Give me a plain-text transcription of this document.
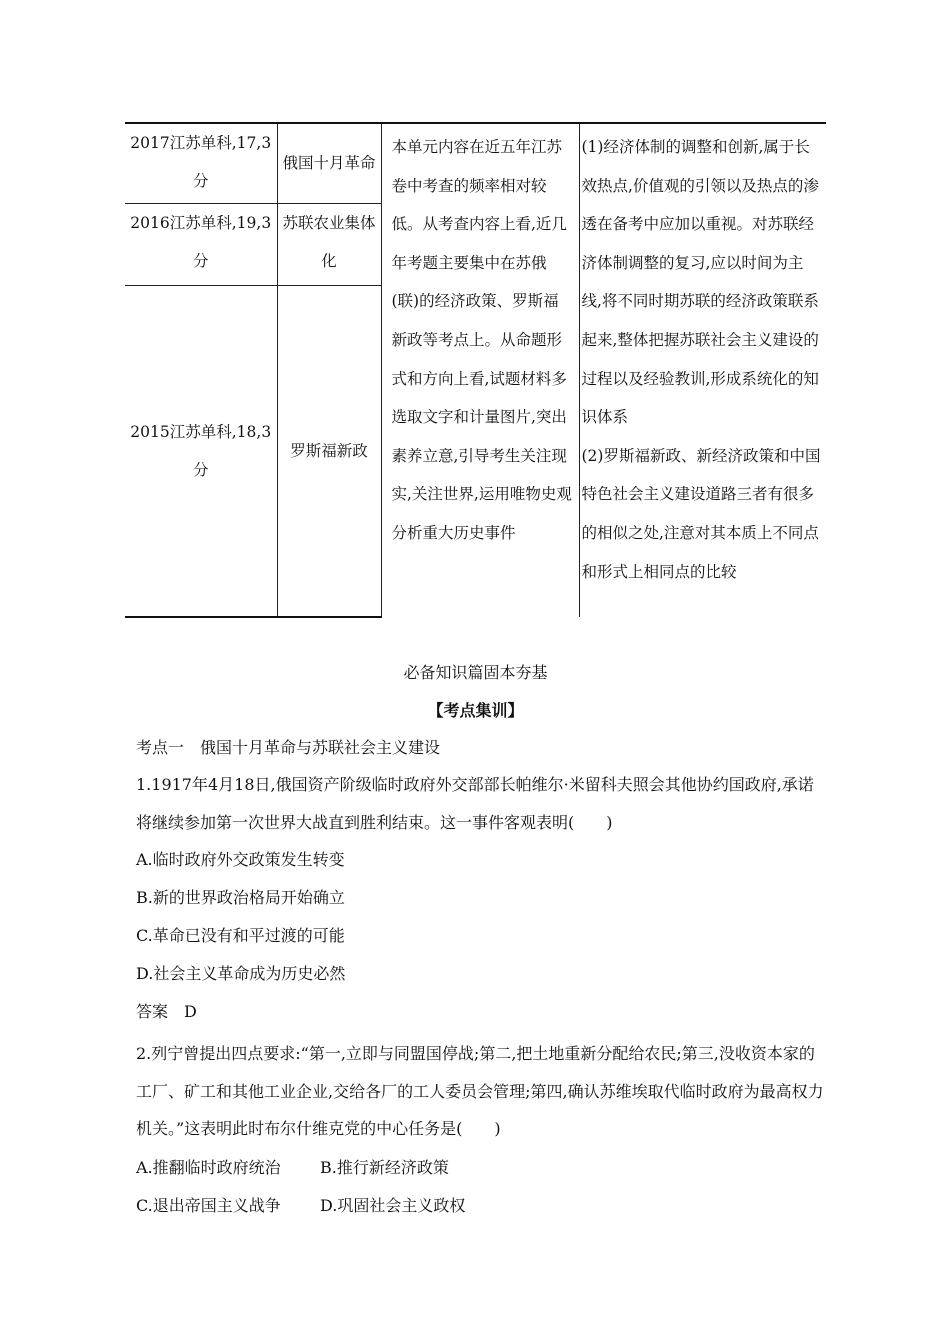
2017江苏单科,17,3分	俄国十月革命	本单元内容在近五年江苏卷中考查的频率相对较低。从考查内容上看,近几年考题主要集中在苏俄(联)的经济政策、罗斯福新政等考点上。从命题形式和方向上看,试题材料多选取文字和计量图片,突出素养立意,引导考生关注现实,关注世界,运用唯物史观分析重大历史事件	(1)经济体制的调整和创新,属于长效热点,价值观的引领以及热点的渗透在备考中应加以重视。对苏联经济体制调整的复习,应以时间为主线,将不同时期苏联的经济政策联系起来,整体把握苏联社会主义建设的过程以及经验教训,形成系统化的知识体系
(2)罗斯福新政、新经济政策和中国特色社会主义建设道路三者有很多的相似之处,注意对其本质上不同点和形式上相同点的比较

2016江苏单科,19,3分	苏联农业集体化		
2015江苏单科,18,3分	罗斯福新政		
必备知识篇固本夯基
【考点集训】
考点一　俄国十月革命与苏联社会主义建设
1.1917年4月18日,俄国资产阶级临时政府外交部部长帕维尔·米留科夫照会其他协约国政府,承诺将继续参加第一次世界大战直到胜利结束。这一事件客观表明(　　)
A.临时政府外交政策发生转变
B.新的世界政治格局开始确立
C.革命已没有和平过渡的可能
D.社会主义革命成为历史必然
答案　D
2.列宁曾提出四点要求:“第一,立即与同盟国停战;第二,把土地重新分配给农民;第三,没收资本家的工厂、矿工和其他工业企业,交给各厂的工人委员会管理;第四,确认苏维埃取代临时政府为最高权力机关。”这表明此时布尔什维克党的中心任务是(　　)
A.推翻临时政府统治 B.推行新经济政策
C.退出帝国主义战争 D.巩固社会主义政权
